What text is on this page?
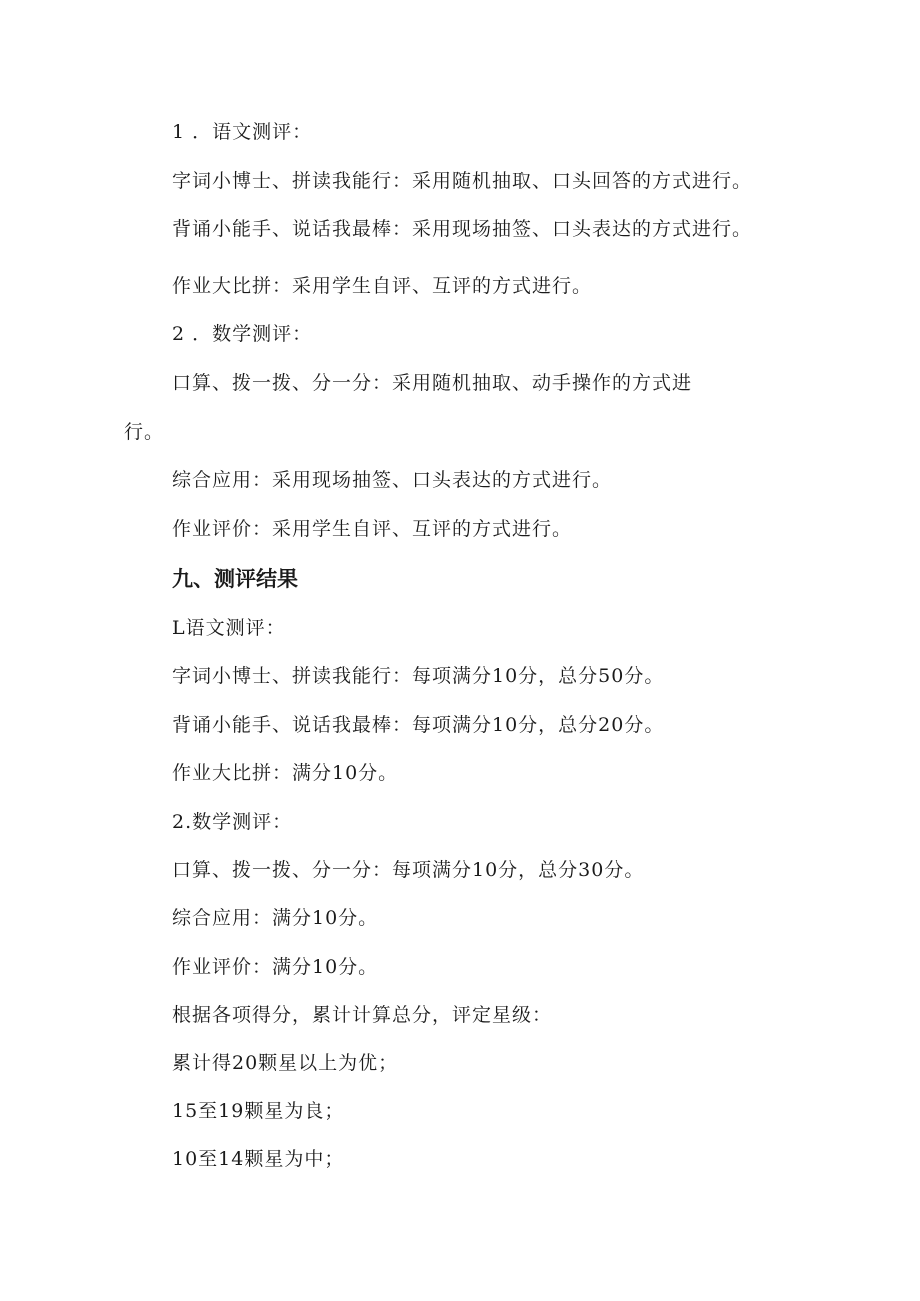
1 ．语文测评：
字词小博士、拼读我能行：采用随机抽取、口头回答的方式进行。
背诵小能手、说话我最棒：采用现场抽签、口头表达的方式进行。
作业大比拼：采用学生自评、互评的方式进行。
2 ．数学测评：
口算、拨一拨、分一分：采用随机抽取、动手操作的方式进
行。
综合应用：采用现场抽签、口头表达的方式进行。
作业评价：采用学生自评、互评的方式进行。
九、测评结果
L语文测评：
字词小博士、拼读我能行：每项满分10分，总分50分。
背诵小能手、说话我最棒：每项满分10分，总分20分。
作业大比拼：满分10分。
2.数学测评：
口算、拨一拨、分一分：每项满分10分，总分30分。
综合应用：满分10分。
作业评价：满分10分。
根据各项得分，累计计算总分，评定星级：
累计得20颗星以上为优；
15至19颗星为良；
10至14颗星为中；
